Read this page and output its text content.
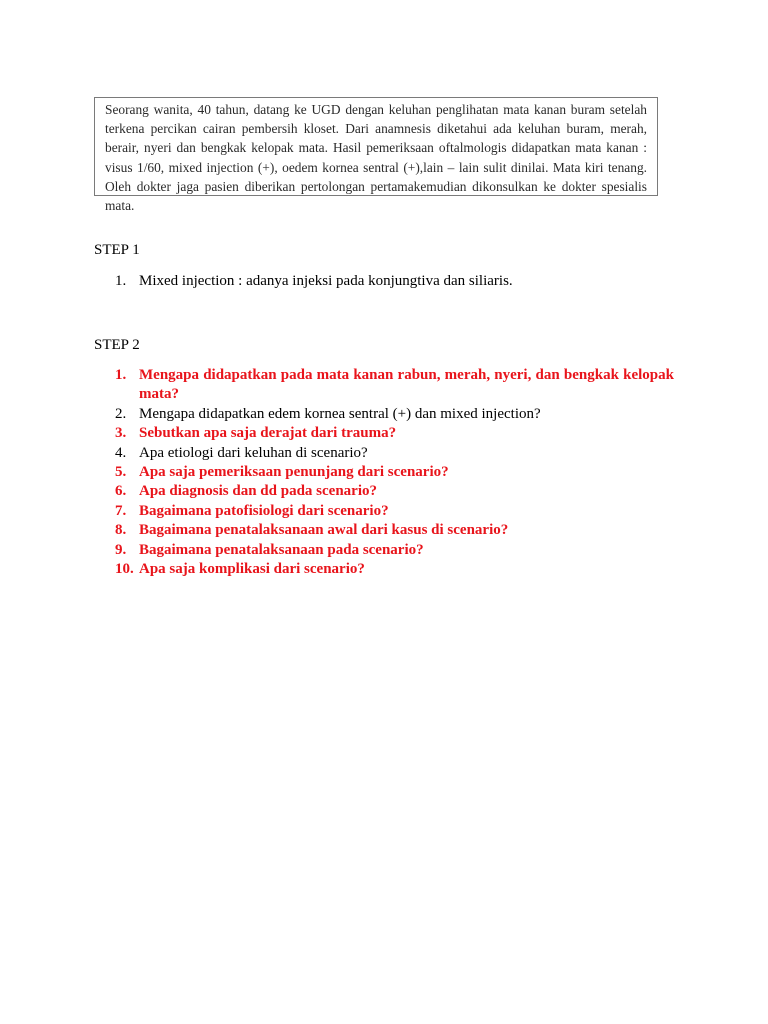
Seorang wanita, 40 tahun, datang ke UGD dengan keluhan penglihatan mata kanan buram setelah terkena percikan cairan pembersih kloset. Dari anamnesis diketahui ada keluhan buram, merah, berair, nyeri dan bengkak kelopak mata. Hasil pemeriksaan oftalmologis didapatkan mata kanan : visus 1/60, mixed injection (+), oedem kornea sentral (+),lain – lain sulit dinilai. Mata kiri tenang. Oleh dokter jaga pasien diberikan pertolongan pertamakemudian dikonsulkan ke dokter spesialis mata.
STEP 1
1. Mixed injection : adanya injeksi pada konjungtiva dan siliaris.
STEP 2
1. Mengapa didapatkan pada mata kanan rabun, merah, nyeri, dan bengkak kelopak mata?
2. Mengapa didapatkan edem kornea sentral (+) dan mixed injection?
3. Sebutkan apa saja derajat dari trauma?
4. Apa etiologi dari keluhan di scenario?
5. Apa saja pemeriksaan penunjang dari scenario?
6. Apa diagnosis dan dd pada scenario?
7. Bagaimana patofisiologi dari scenario?
8. Bagaimana penatalaksanaan awal dari kasus di scenario?
9. Bagaimana penatalaksanaan pada scenario?
10. Apa saja komplikasi dari scenario?
